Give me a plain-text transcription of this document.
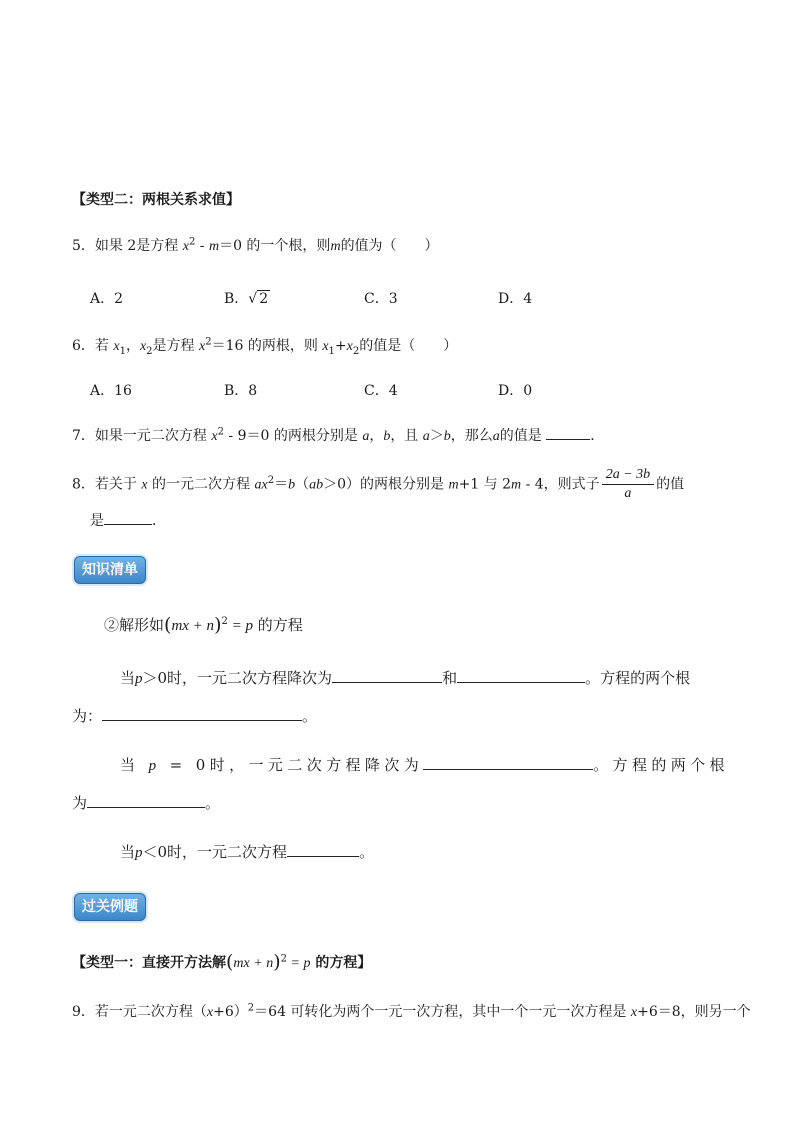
【类型二：两根关系求值】
5．如果 2是方程 $x^2 - m=0$ 的一个根，则m的值为（　　）
A．2	B．√ 2	C．3	D．4
6．若 $x_1$，$x_2$是方程 $x^2=16$ 的两根，则 $x_1+x_2$的值是（　　）
A．16	B．8	C．4	D．0
7．如果一元二次方程 $x^2 - 9=0$ 的两根分别是 a，b，且 a＞b，那么a的值是	．
8．若关于 x 的一元二次方程 $ax^2=b(ab>0)$的两根分别是 m+1 与 2m - 4，则式子 $\frac{2a - 3b}{a}$ 的值
是	．
知识清单
②解形如(mx + n)$^2$ = p 的方程
当p＞0时，一元二次方程降次为	和	。方程的两个根
为：	。
当 p = 0时，一元二次方程降次为	。方程的两个根
为	。
当p＜0时，一元二次方程	。
过关例题
【类型一：直接开方法解(mx + n)$^2$ = p 的方程】
9．若一元二次方程$(x+6)^2=64$ 可转化为两个一元一次方程，其中一个一元一次方程是 x+6＝8，则另一个
